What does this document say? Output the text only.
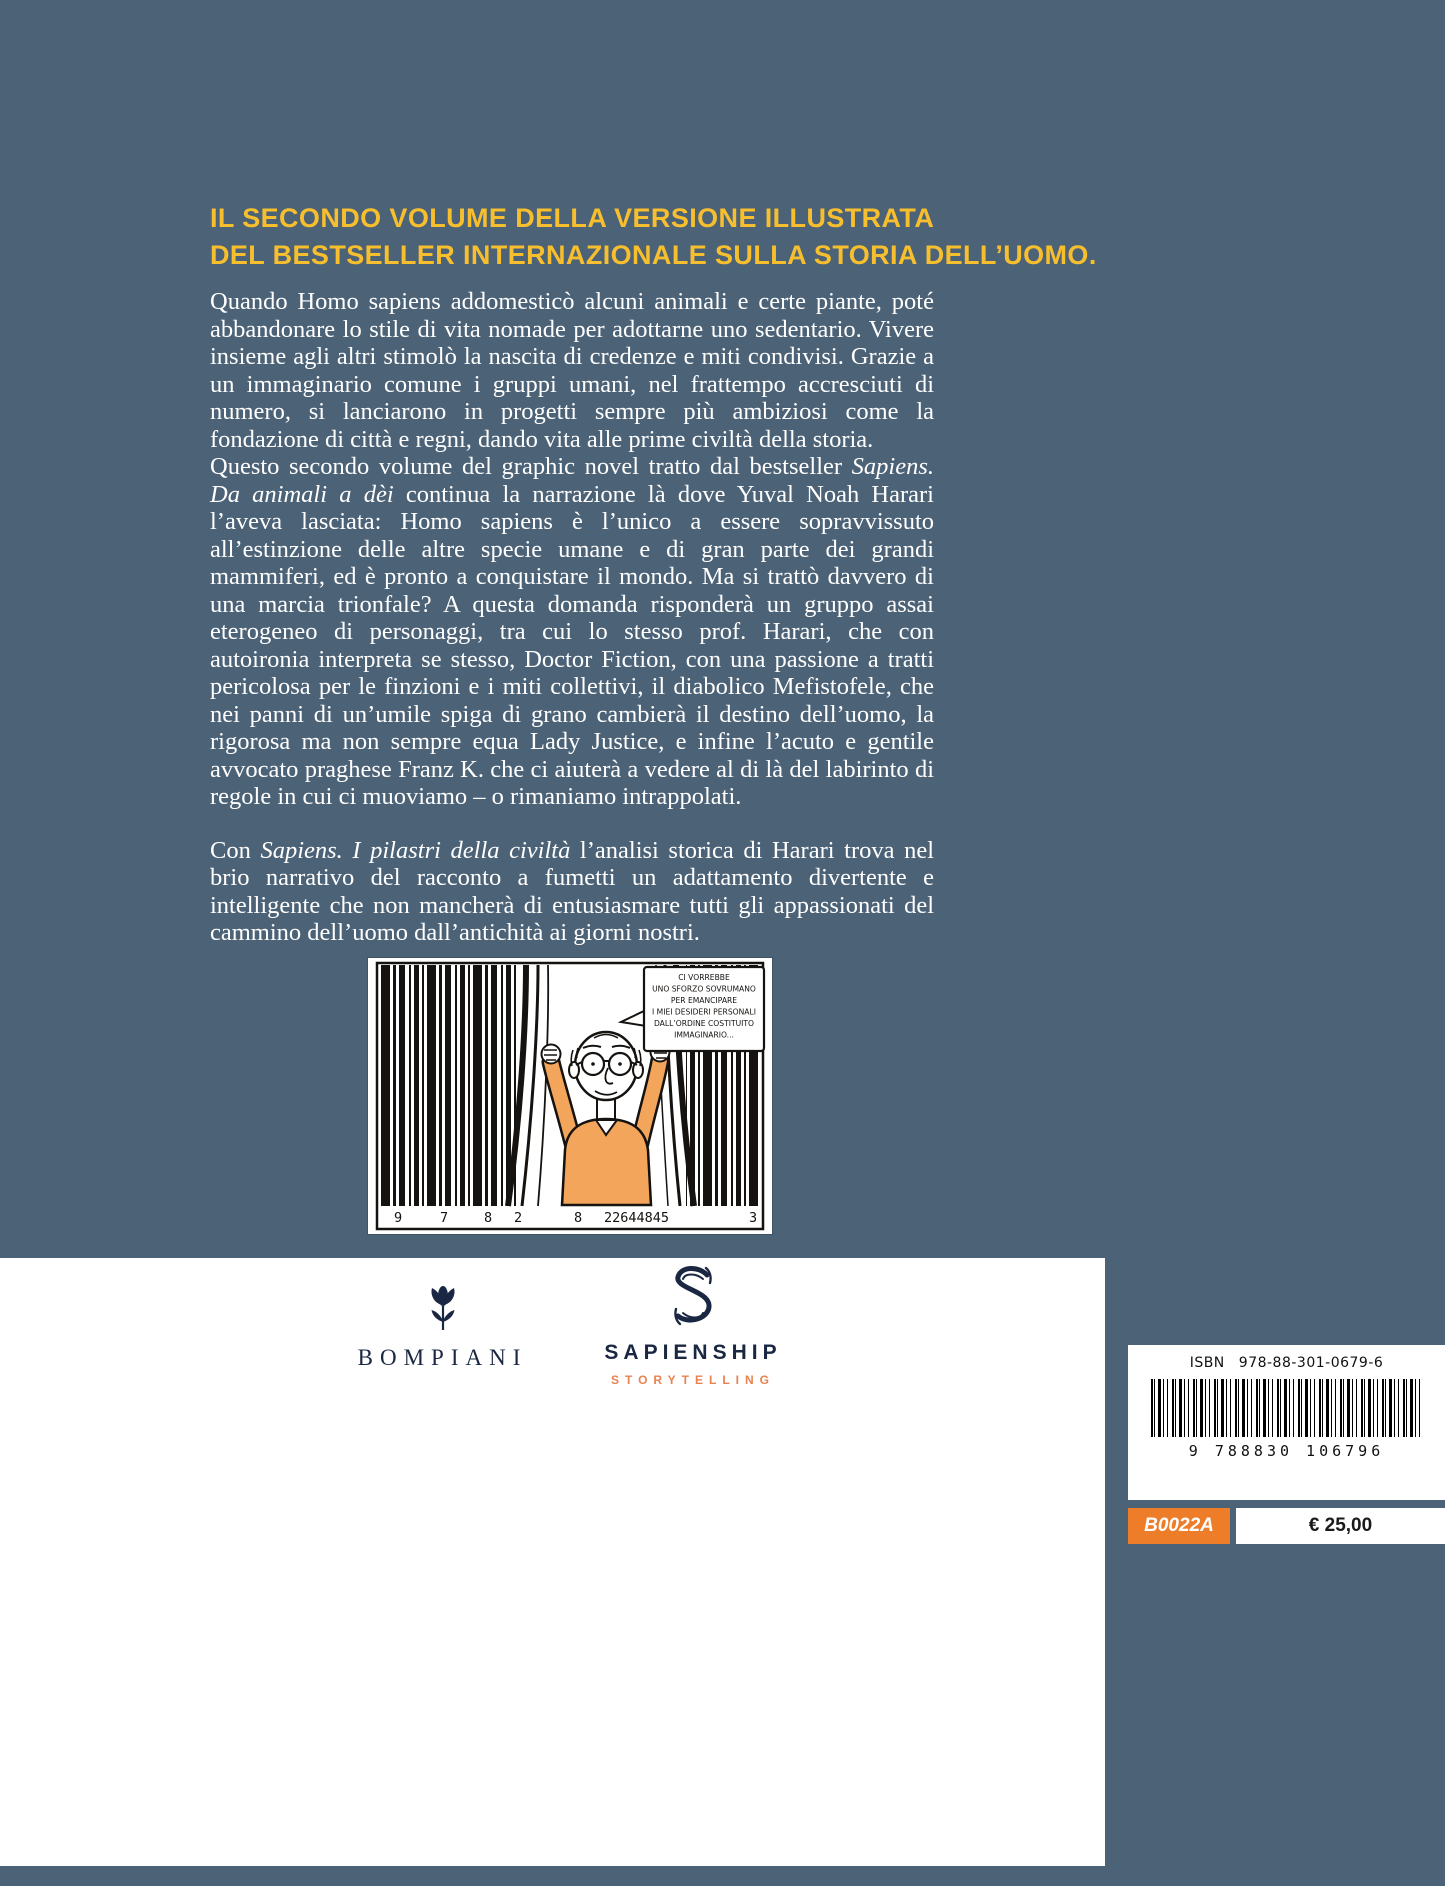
IL SECONDO VOLUME DELLA VERSIONE ILLUSTRATA
DEL BESTSELLER INTERNAZIONALE SULLA STORIA DELL’UOMO.

Quando Homo sapiens addomesticò alcuni animali e certe piante, poté abbandonare lo stile di vita nomade per adottarne uno sedentario. Vivere insieme agli altri stimolò la nascita di credenze e miti condivisi. Grazie a un immaginario comune i gruppi umani, nel frattempo accresciuti di numero, si lanciarono in progetti sempre più ambiziosi come la fondazione di città e regni, dando vita alle prime civiltà della storia.

Questo secondo volume del graphic novel tratto dal bestseller Sapiens. Da animali a dèi continua la narrazione là dove Yuval Noah Harari l’aveva lasciata: Homo sapiens è l’unico a essere sopravvissuto all’estinzione delle altre specie umane e di gran parte dei grandi mammiferi, ed è pronto a conquistare il mondo. Ma si trattò davvero di una marcia trionfale? A questa domanda risponderà un gruppo assai eterogeneo di personaggi, tra cui lo stesso prof. Harari, che con autoironia interpreta se stesso, Doctor Fiction, con una passione a tratti pericolosa per le finzioni e i miti collettivi, il diabolico Mefistofele, che nei panni di un’umile spiga di grano cambierà il destino dell’uomo, la rigorosa ma non sempre equa Lady Justice, e infine l’acuto e gentile avvocato praghese Franz K. che ci aiuterà a vedere al di là del labirinto di regole in cui ci muoviamo – o rimaniamo intrappolati.

Con Sapiens. I pilastri della civiltà l’analisi storica di Harari trova nel brio narrativo del racconto a fumetti un adattamento divertente e intelligente che non mancherà di entusiasmare tutti gli appassionati del cammino dell’uomo dall’antichità ai giorni nostri.

CI VORREBBE
UNO SFORZO SOVRUMANO
PER EMANCIPARE
I MIEI DESIDERI PERSONALI
DALL’ORDINE COSTITUITO
IMMAGINARIO...
9	7	8 2	8 22644845	3
BOMPIANI	SAPIENSHIP
STORYTELLING
ISBN 978-88-301-0679-6
9 788830 106796
B0022A	€ 25,00
